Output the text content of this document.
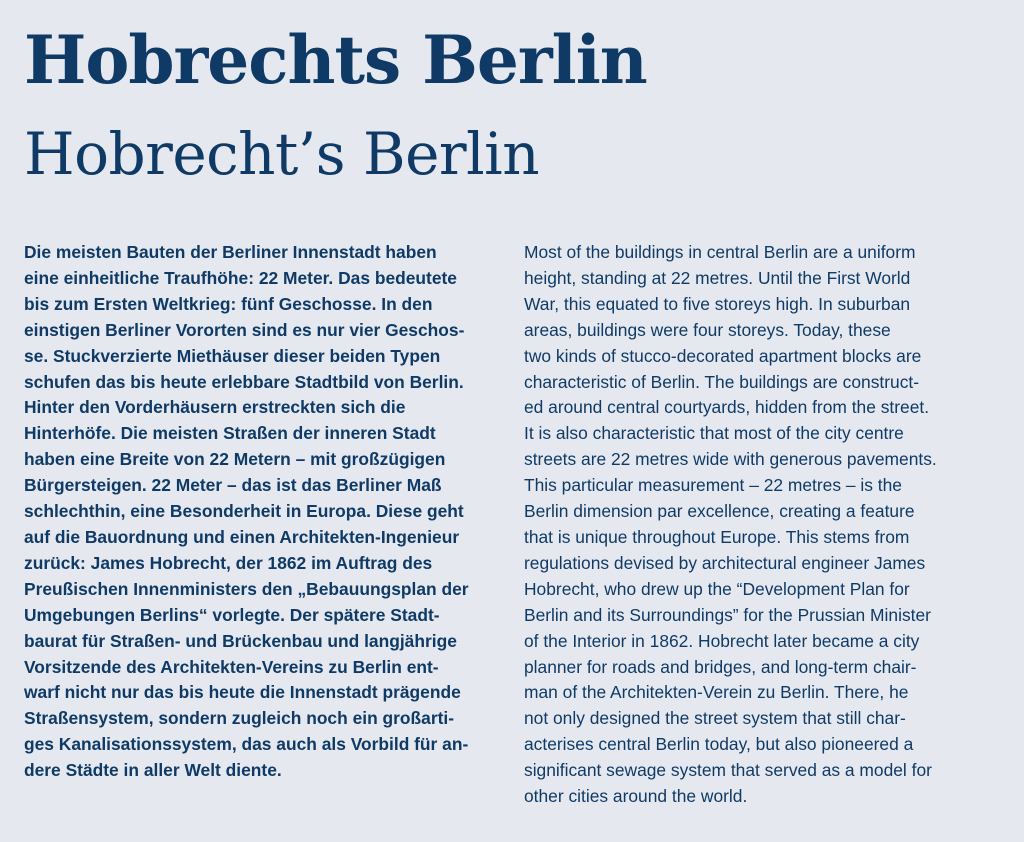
Hobrechts Berlin
Hobrecht’s Berlin

Die meisten Bauten der Berliner Innenstadt haben
eine einheitliche Traufhöhe: 22 Meter. Das bedeutete
bis zum Ersten Weltkrieg: fünf Geschosse. In den
einstigen Berliner Vororten sind es nur vier Geschos-
se. Stuckverzierte Miethäuser dieser beiden Typen
schufen das bis heute erlebbare Stadtbild von Berlin.
Hinter den Vorderhäusern erstreckten sich die
Hinterhöfe. Die meisten Straßen der inneren Stadt
haben eine Breite von 22 Metern – mit großzügigen
Bürgersteigen. 22 Meter – das ist das Berliner Maß
schlechthin, eine Besonderheit in Europa. Diese geht
auf die Bauordnung und einen Architekten-Ingenieur
zurück: James Hobrecht, der 1862 im Auftrag des
Preußischen Innenministers den „Bebauungsplan der
Umgebungen Berlins“ vorlegte. Der spätere Stadt-
baurat für Straßen- und Brückenbau und langjährige
Vorsitzende des Architekten-Vereins zu Berlin ent-
warf nicht nur das bis heute die Innenstadt prägende
Straßensystem, sondern zugleich noch ein großarti-
ges Kanalisationssystem, das auch als Vorbild für an-
dere Städte in aller Welt diente.

Most of the buildings in central Berlin are a uniform
height, standing at 22 metres. Until the First World
War, this equated to five storeys high. In suburban
areas, buildings were four storeys. Today, these
two kinds of stucco-decorated apartment blocks are
characteristic of Berlin. The buildings are construct-
ed around central courtyards, hidden from the street.
It is also characteristic that most of the city centre
streets are 22 metres wide with generous pavements.
This particular measurement – 22 metres – is the
Berlin dimension par excellence, creating a feature
that is unique throughout Europe. This stems from
regulations devised by architectural engineer James
Hobrecht, who drew up the “Development Plan for
Berlin and its Surroundings” for the Prussian Minister
of the Interior in 1862. Hobrecht later became a city
planner for roads and bridges, and long-term chair-
man of the Architekten-Verein zu Berlin. There, he
not only designed the street system that still char-
acterises central Berlin today, but also pioneered a
significant sewage system that served as a model for
other cities around the world.
